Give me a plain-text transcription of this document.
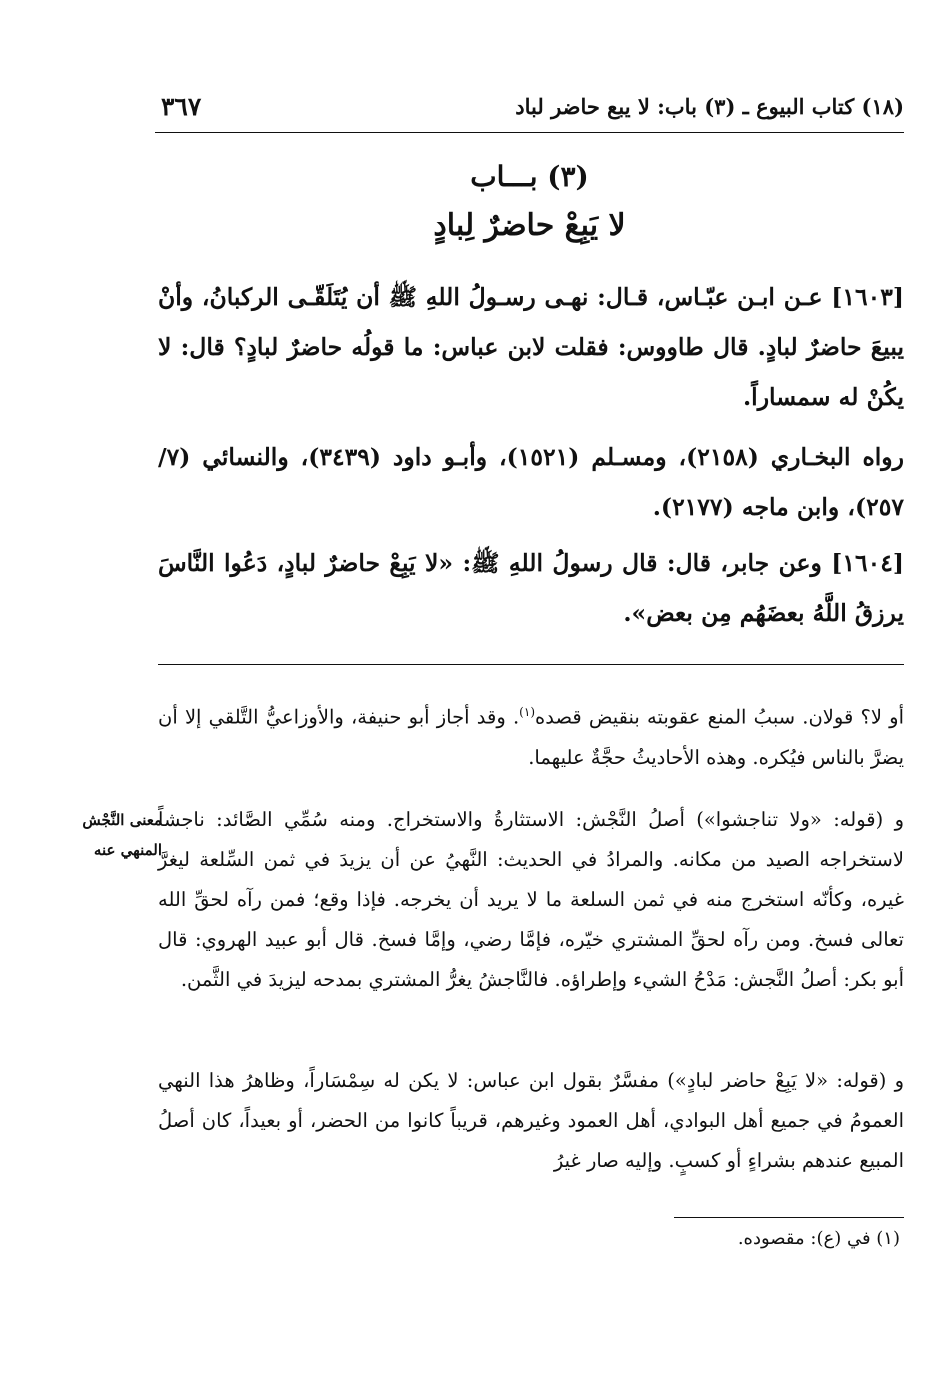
(١٨) كتاب البيوع ـ (٣) باب: لا يبع حاضر لباد
٣٦٧
(٣) بـــاب
لا يَبِعْ حاضرٌ لِبادٍ

[١٦٠٣] عـن ابـن عبّـاس، قـال: نهـى رسـولُ اللهِ ﷺ أن يُتَلَقّـى الركبانُ، وأنْ يبيعَ حاضرٌ لبادٍ. قال طاووس: فقلت لابن عباس: ما قولُه حاضرٌ لبادٍ؟ قال: لا يكُنْ له سمساراً.

رواه البخـاري (٢١٥٨)، ومسـلم (١٥٢١)، وأبـو داود (٣٤٣٩)، والنسائي (٧/ ٢٥٧)، وابن ماجه (٢١٧٧).

[١٦٠٤] وعن جابر، قال: قال رسولُ اللهِ ﷺ: «لا يَبِعْ حاضرٌ لبادٍ، دَعُوا النَّاسَ يرزقُ اللَّهُ بعضَهُم مِن بعض».

أو لا؟ قولان. سببُ المنع عقوبته بنقيض قصده$^{(١)}$. وقد أجاز أبو حنيفة، والأوزاعيُّ التَّلقي إلا أن يضرَّ بالناس فيُكره. وهذه الأحاديثُ حجَّةٌ عليهما.

و (قوله: «ولا تناجشوا») أصلُ النَّجْش: الاستثارةُ والاستخراج. ومنه سُمِّي الصَّائد: ناجشاً لاستخراجه الصيد من مكانه. والمرادُ في الحديث: النَّهيُ عن أن يزيدَ في ثمن السِّلعة ليغرَّ غيره، وكأنّه استخرج منه في ثمن السلعة ما لا يريد أن يخرجه. فإذا وقع؛ فمن رآه لحقِّ الله تعالى فسخ. ومن رآه لحقِّ المشتري خيّره، فإمَّا رضي، وإمَّا فسخ. قال أبو عبيد الهروي: قال أبو بكر: أصلُ النَّجش: مَدْحُ الشيء وإطراؤه. فالنَّاجشُ يغرُّ المشتري بمدحه ليزيدَ في الثَّمن.

و (قوله: «لا يَبِعْ حاضر لبادٍ») مفسَّرٌ بقول ابن عباس: لا يكن له سِمْسَاراً، وظاهرُ هذا النهي العمومُ في جميع أهل البوادي، أهل العمود وغيرهم، قريباً كانوا من الحضر، أو بعيداً، كان أصلُ المبيع عندهم بشراءٍ أو كسبٍ. وإليه صار غيرُ

معنى النَّجْش
المنهي عنه
(١) في (ع): مقصوده.
